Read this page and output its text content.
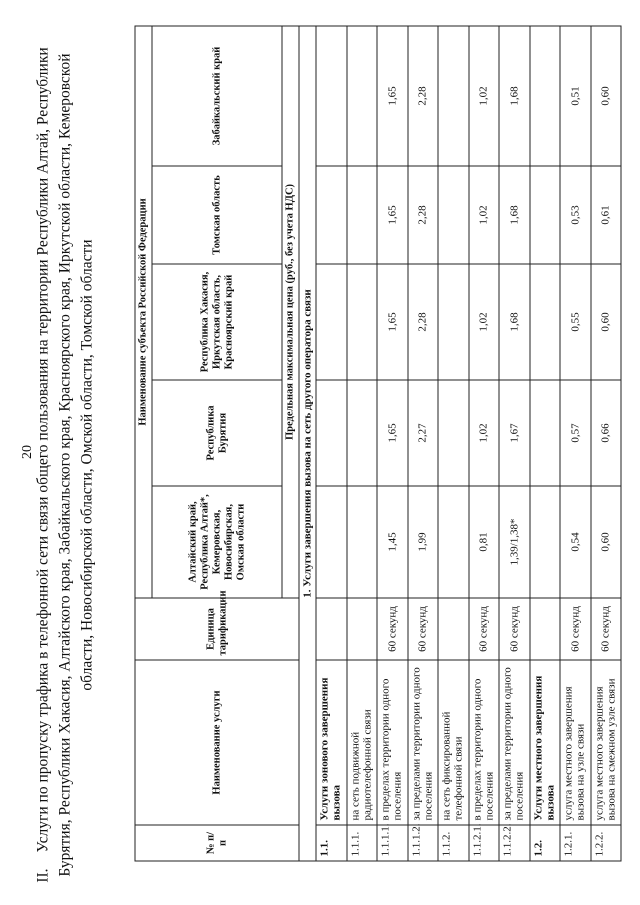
20
II.Услуги по пропуску трафика в телефонной сети связи общего пользования на территории Республики Алтай, Республики Бурятия, Республики Хакасия, Алтайского края, Забайкальского края, Красноярского края, Иркутской области, Кемеровской области, Новосибирской области, Омской области, Томской области
№ п/п	Наименование услуги	Единица тарификации	Наименование субъекта Российской Федерации				
			Алтайский край, Республика Алтай*, Кемеровская, Новосибирская, Омская области	Республика Бурятия	Республика Хакасия, Иркутская область, Красноярский край	Томская область	Забайкальский край
			Предельная максимальная цена (руб., без учета НДС)				
1. Услуги завершения вызова на сеть другого оператора связи							
1.1.	Услуги зонового завершения вызова						
1.1.1.	на сеть подвижной радиотелефонной связи						
1.1.1.1.	в пределах территории одного поселения	60 секунд	1,45	1,65	1,65	1,65	1,65
1.1.1.2.	за пределами территории одного поселения	60 секунд	1,99	2,27	2,28	2,28	2,28
1.1.2.	на сеть фиксированной телефонной связи						
1.1.2.1.	в пределах территории одного поселения	60 секунд	0,81	1,02	1,02	1,02	1,02
1.1.2.2.	за пределами территории одного поселения	60 секунд	1,39/1,38*	1,67	1,68	1,68	1,68
1.2.	Услуги местного завершения вызова						
1.2.1.	услуга местного завершения вызова на узле связи	60 секунд	0,54	0,57	0,55	0,53	0,51
1.2.2.	услуга местного завершения вызова на смежном узле связи	60 секунд	0,60	0,66	0,60	0,61	0,60
